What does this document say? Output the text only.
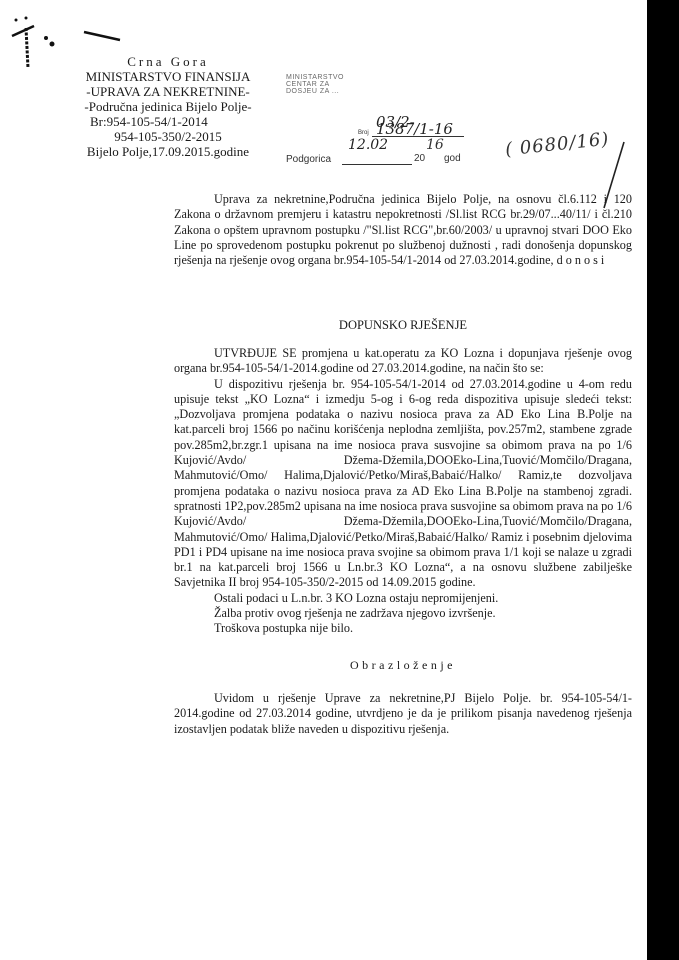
Crna Gora
MINISTARSTVO FINANSIJA
-UPRAVA ZA NEKRETNINE-
-Područna jedinica Bijelo Polje-
Br:954-105-54/1-2014
954-105-350/2-2015
Bijelo Polje,17.09.2015.godine
MINISTARSTVO
CENTAR ZA
DOSJEU ZA ...
Broj
03/2-1387/1-16
Podgorica
12.02
20
16
god ( 0680/16)
Uprava za nekretnine,Područna jedinica Bijelo Polje, na osnovu čl.6.112 i 120 Zakona o državnom premjeru i katastru nepokretnosti /Sl.list RCG br.29/07...40/11/ i čl.210 Zakona o opštem upravnom postupku /"Sl.list RCG",br.60/2003/ u upravnoj stvari DOO Eko Line po sprovedenom postupku pokrenut po službenoj dužnosti , radi donošenja dopunskog rješenja na rješenje ovog organa br.954-105-54/1-2014 od 27.03.2014.godine, d o n o s i
DOPUNSKO RJEŠENJE

UTVRĐUJE SE promjena u kat.operatu za KO Lozna i dopunjava rješenje ovog organa br.954-105-54/1-2014.godine od 27.03.2014.godine, na način što se:

U dispozitivu rješenja br. 954-105-54/1-2014 od 27.03.2014.godine u 4-om redu upisuje tekst „KO Lozna“ i izmedju 5-og i 6-og reda dispozitiva upisuje sledeći tekst: „Dozvoljava promjena podataka o nazivu nosioca prava za AD Eko Lina B.Polje na kat.parceli broj 1566 po načinu korišćenja neplodna zemljišta, pov.257m2, stambene zgrade pov.285m2,br.zgr.1 upisana na ime nosioca prava susvojine sa obimom prava na po 1/6 Kujović/Avdo/ Džema-Džemila,DOOEko-Lina,Tuović/Momčilo/Dragana, Mahmutović/Omo/ Halima,Djalović/Petko/Miraš,Babaić/Halko/ Ramiz,te dozvoljava promjena podataka o nazivu nosioca prava za AD Eko Lina B.Polje na stambenoj zgradi. spratnosti 1P2,pov.285m2 upisana na ime nosioca prava susvojine sa obimom prava na po 1/6 Kujović/Avdo/ Džema-Džemila,DOOEko-Lina,Tuović/Momčilo/Dragana, Mahmutović/Omo/ Halima,Djalović/Petko/Miraš,Babaić/Halko/ Ramiz i posebnim djelovima PD1 i PD4 upisane na ime nosioca prava svojine sa obimom prava 1/1 koji se nalaze u zgradi br.1 na kat.parceli broj 1566 u Ln.br.3 KO Lozna“, a na osnovu službene zabilješke Savjetnika II broj 954-105-350/2-2015 od 14.09.2015 godine.

Ostali podaci u L.n.br. 3 KO Lozna ostaju nepromijenjeni.

Žalba protiv ovog rješenja ne zadržava njegovo izvršenje.

Troškova postupka nije bilo.

Obrazloženje
Uvidom u rješenje Uprave za nekretnine,PJ Bijelo Polje. br. 954-105-54/1-2014.godine od 27.03.2014 godine, utvrdjeno je da je prilikom pisanja navedenog rješenja izostavljen podatak bliže naveden u dispozitivu rješenja.
